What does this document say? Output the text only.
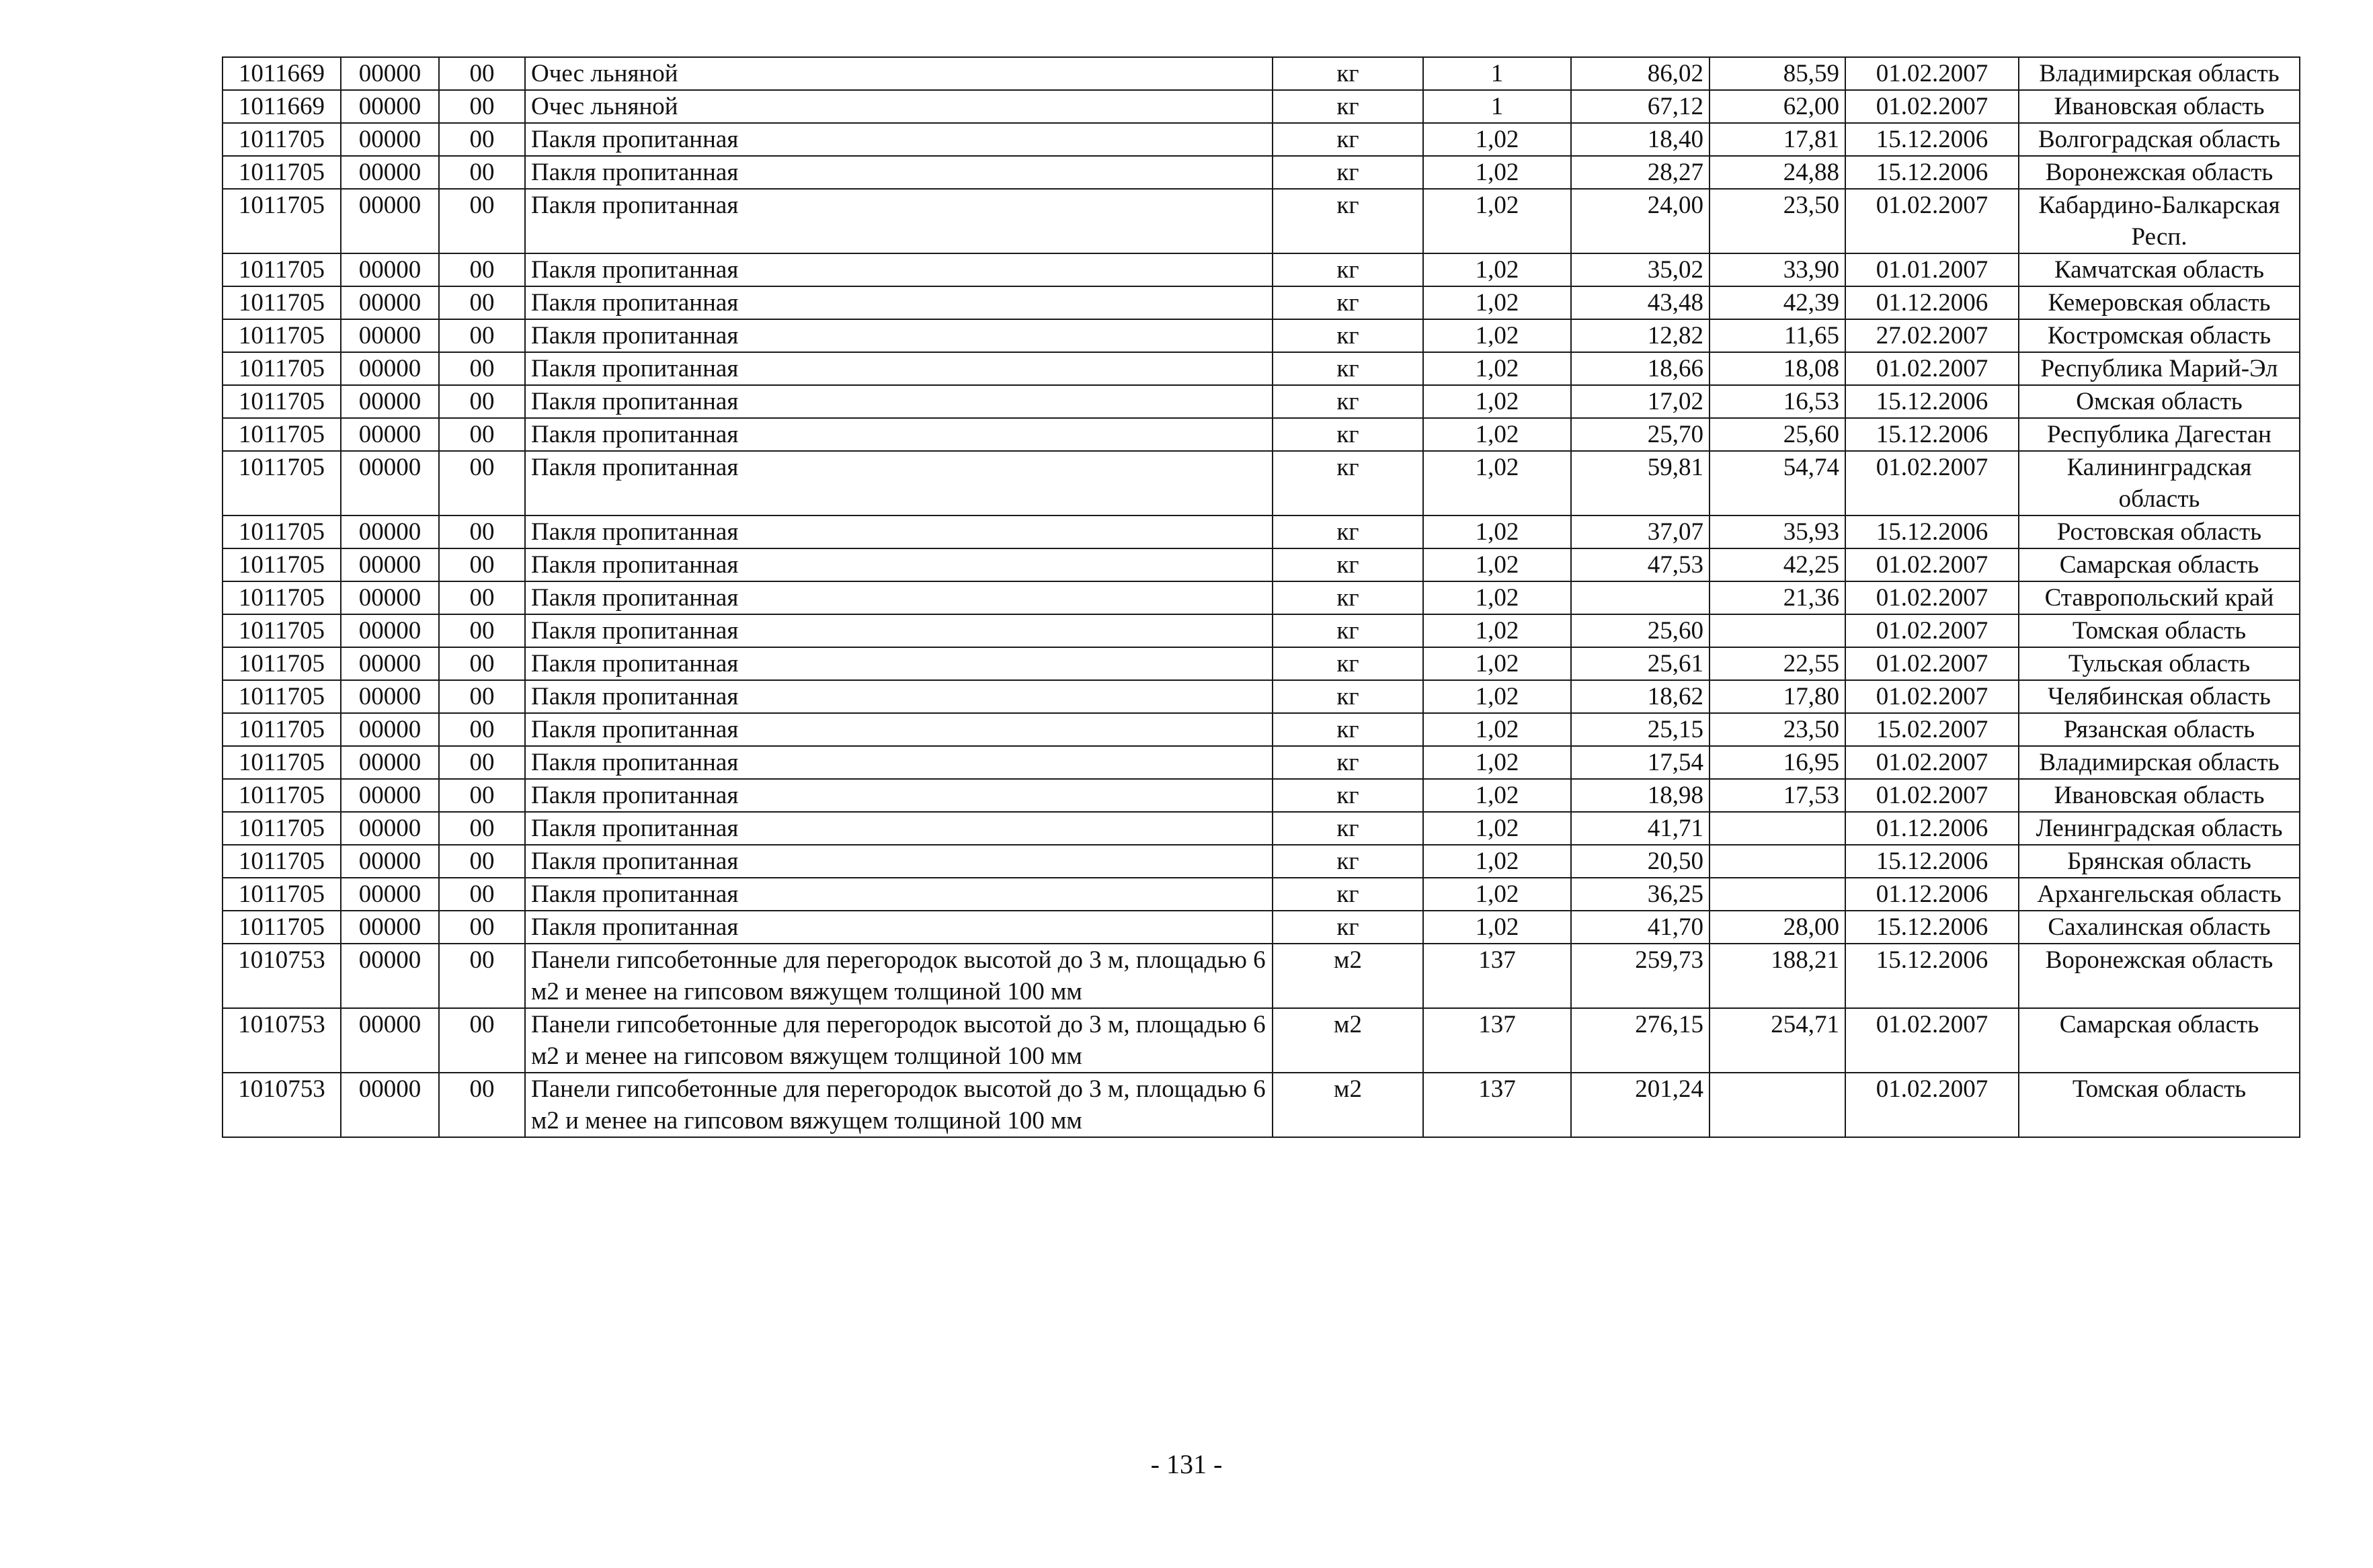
1011669	00000	00	Очес льняной	кг	1	86,02	85,59	01.02.2007	Владимирская область
1011669	00000	00	Очес льняной	кг	1	67,12	62,00	01.02.2007	Ивановская область
1011705	00000	00	Пакля пропитанная	кг	1,02	18,40	17,81	15.12.2006	Волгоградская область
1011705	00000	00	Пакля пропитанная	кг	1,02	28,27	24,88	15.12.2006	Воронежская область
1011705	00000	00	Пакля пропитанная	кг	1,02	24,00	23,50	01.02.2007	Кабардино-Балкарская Респ.
1011705	00000	00	Пакля пропитанная	кг	1,02	35,02	33,90	01.01.2007	Камчатская область
1011705	00000	00	Пакля пропитанная	кг	1,02	43,48	42,39	01.12.2006	Кемеровская область
1011705	00000	00	Пакля пропитанная	кг	1,02	12,82	11,65	27.02.2007	Костромская область
1011705	00000	00	Пакля пропитанная	кг	1,02	18,66	18,08	01.02.2007	Республика Марий-Эл
1011705	00000	00	Пакля пропитанная	кг	1,02	17,02	16,53	15.12.2006	Омская область
1011705	00000	00	Пакля пропитанная	кг	1,02	25,70	25,60	15.12.2006	Республика Дагестан
1011705	00000	00	Пакля пропитанная	кг	1,02	59,81	54,74	01.02.2007	Калининградская область
1011705	00000	00	Пакля пропитанная	кг	1,02	37,07	35,93	15.12.2006	Ростовская область
1011705	00000	00	Пакля пропитанная	кг	1,02	47,53	42,25	01.02.2007	Самарская область
1011705	00000	00	Пакля пропитанная	кг	1,02		21,36	01.02.2007	Ставропольский край
1011705	00000	00	Пакля пропитанная	кг	1,02	25,60		01.02.2007	Томская область
1011705	00000	00	Пакля пропитанная	кг	1,02	25,61	22,55	01.02.2007	Тульская область
1011705	00000	00	Пакля пропитанная	кг	1,02	18,62	17,80	01.02.2007	Челябинская область
1011705	00000	00	Пакля пропитанная	кг	1,02	25,15	23,50	15.02.2007	Рязанская область
1011705	00000	00	Пакля пропитанная	кг	1,02	17,54	16,95	01.02.2007	Владимирская область
1011705	00000	00	Пакля пропитанная	кг	1,02	18,98	17,53	01.02.2007	Ивановская область
1011705	00000	00	Пакля пропитанная	кг	1,02	41,71		01.12.2006	Ленинградская область
1011705	00000	00	Пакля пропитанная	кг	1,02	20,50		15.12.2006	Брянская область
1011705	00000	00	Пакля пропитанная	кг	1,02	36,25		01.12.2006	Архангельская область
1011705	00000	00	Пакля пропитанная	кг	1,02	41,70	28,00	15.12.2006	Сахалинская область
1010753	00000	00	Панели гипсобетонные для перегородок высотой до 3 м, площадью 6 м2 и менее на гипсовом вяжущем толщиной 100 мм	м2	137	259,73	188,21	15.12.2006	Воронежская область
1010753	00000	00	Панели гипсобетонные для перегородок высотой до 3 м, площадью 6 м2 и менее на гипсовом вяжущем толщиной 100 мм	м2	137	276,15	254,71	01.02.2007	Самарская область
1010753	00000	00	Панели гипсобетонные для перегородок высотой до 3 м, площадью 6 м2 и менее на гипсовом вяжущем толщиной 100 мм	м2	137	201,24		01.02.2007	Томская область
- 131 -
